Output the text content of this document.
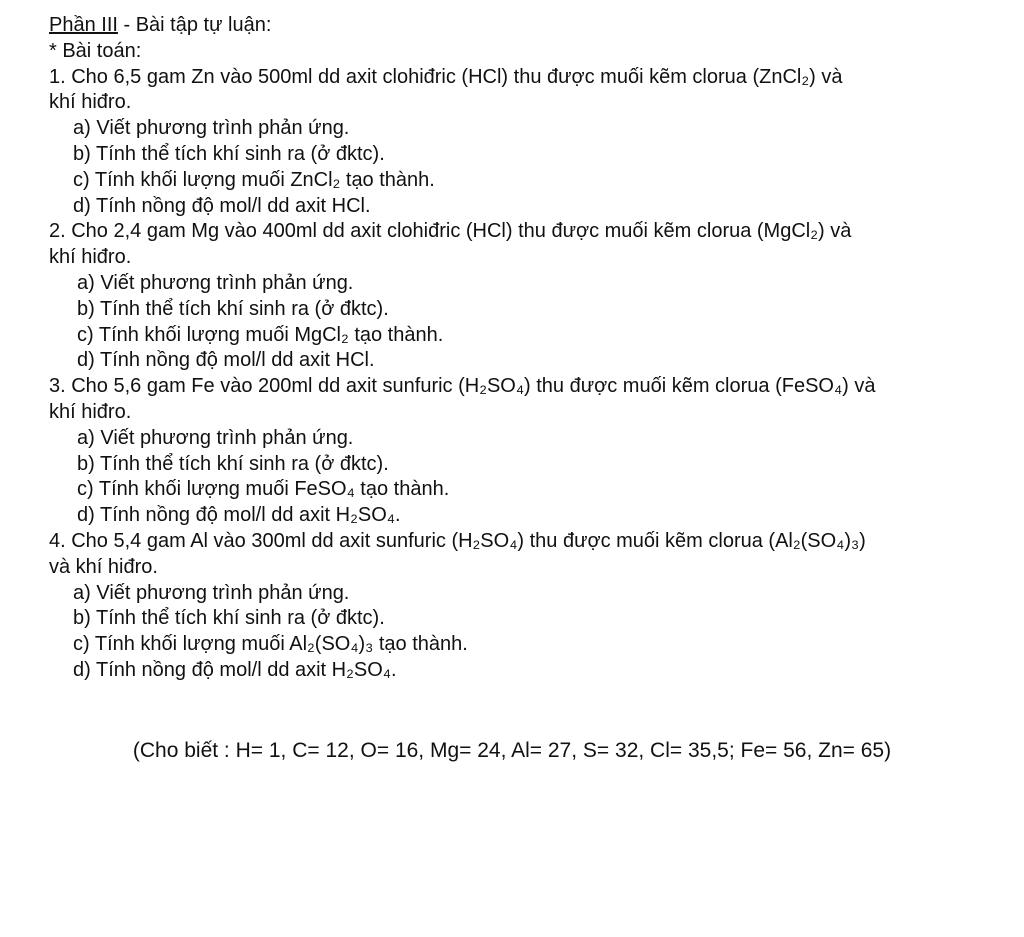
Phần III - Bài tập tự luận:
* Bài toán:
1. Cho 6,5 gam Zn vào 500ml dd axit clohiđric (HCl) thu được muối kẽm clorua (ZnCl₂) và
khí hiđro.
a) Viết phương trình phản ứng.
b) Tính thể tích khí sinh ra (ở đktc).
c) Tính khối lượng muối ZnCl₂ tạo thành.
d) Tính nồng độ mol/l dd axit HCl.
2. Cho 2,4 gam Mg vào 400ml dd axit clohiđric (HCl) thu được muối kẽm clorua (MgCl₂) và
khí hiđro.
a) Viết phương trình phản ứng.
b) Tính thể tích khí sinh ra (ở đktc).
c) Tính khối lượng muối MgCl₂ tạo thành.
d) Tính nồng độ mol/l dd axit HCl.
3. Cho 5,6 gam Fe vào 200ml dd axit sunfuric (H₂SO₄) thu được muối kẽm clorua (FeSO₄) và
khí hiđro.
a) Viết phương trình phản ứng.
b) Tính thể tích khí sinh ra (ở đktc).
c) Tính khối lượng muối FeSO₄ tạo thành.
d) Tính nồng độ mol/l dd axit H₂SO₄.
4. Cho 5,4 gam Al vào 300ml dd axit sunfuric (H₂SO₄) thu được muối kẽm clorua (Al₂(SO₄)₃)
và khí hiđro.
a) Viết phương trình phản ứng.
b) Tính thể tích khí sinh ra (ở đktc).
c) Tính khối lượng muối Al₂(SO₄)₃ tạo thành.
d) Tính nồng độ mol/l dd axit H₂SO₄.
(Cho biết : H= 1, C= 12, O= 16, Mg= 24, Al= 27, S= 32, Cl= 35,5; Fe= 56, Zn= 65)
